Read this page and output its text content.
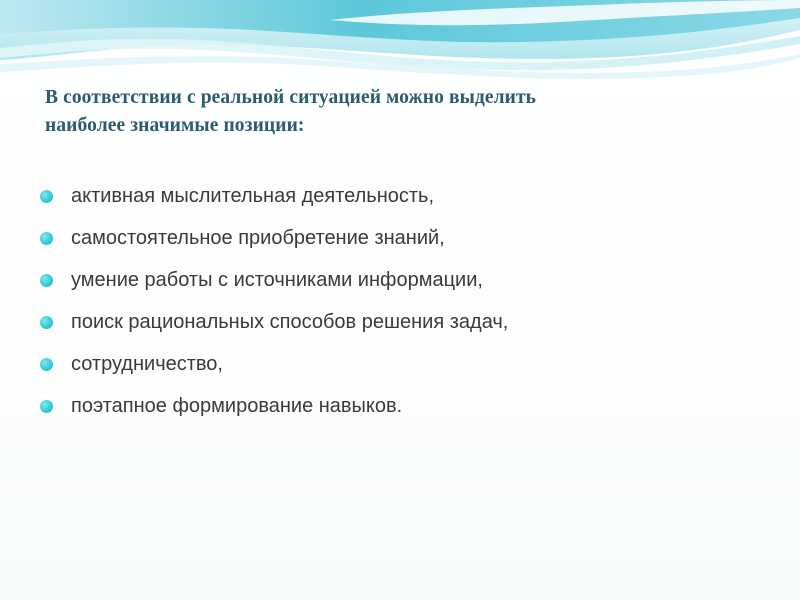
В соответствии с реальной ситуацией можно выделить
наиболее значимые позиции:
активная мыслительная деятельность,
самостоятельное приобретение знаний,
умение работы с источниками информации,
поиск рациональных способов решения задач,
сотрудничество,
поэтапное формирование навыков.
